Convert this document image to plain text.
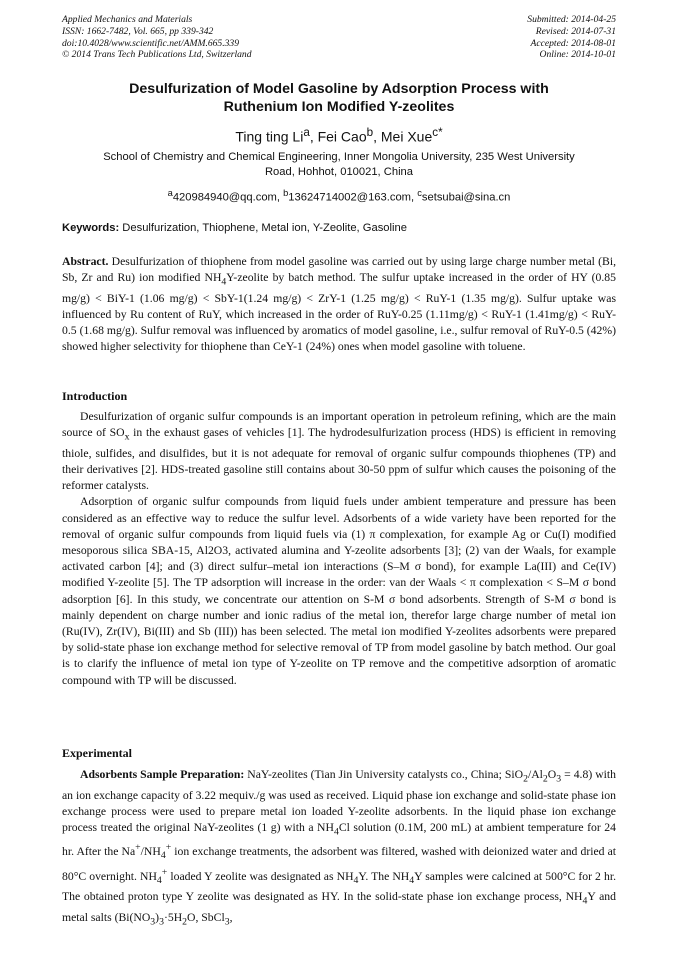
Applied Mechanics and Materials
ISSN: 1662-7482, Vol. 665, pp 339-342
doi:10.4028/www.scientific.net/AMM.665.339
© 2014 Trans Tech Publications Ltd, Switzerland
Submitted: 2014-04-25
Revised: 2014-07-31
Accepted: 2014-08-01
Online: 2014-10-01
Desulfurization of Model Gasoline by Adsorption Process with
Ruthenium Ion Modified Y-zeolites
Ting ting Li$^a$, Fei Cao$^b$, Mei Xue$^{c*}$
School of Chemistry and Chemical Engineering, Inner Mongolia University, 235 West University
Road, Hohhot, 010021, China
$^a$420984940@qq.com, $^b$13624714002@163.com, $^c$setsubai@sina.cn
Keywords: Desulfurization, Thiophene, Metal ion, Y-Zeolite, Gasoline
Abstract. Desulfurization of thiophene from model gasoline was carried out by using large charge number metal (Bi, Sb, Zr and Ru) ion modified $NH_4Y$-zeolite by batch method. The sulfur uptake increased in the order of HY (0.85 mg/g) < BiY-1 (1.06 mg/g) < SbY-1(1.24 mg/g) < ZrY-1 (1.25 mg/g) < RuY-1 (1.35 mg/g). Sulfur uptake was influenced by Ru content of RuY, which increased in the order of RuY-0.25 (1.11mg/g) < RuY-1 (1.41mg/g) < RuY-0.5 (1.68 mg/g). Sulfur removal was influenced by aromatics of model gasoline, i.e., sulfur removal of RuY-0.5 (42%) showed higher selectivity for thiophene than CeY-1 (24%) ones when model gasoline with toluene.
Introduction

Desulfurization of organic sulfur compounds is an important operation in petroleum refining, which are the main source of $SO_x$ in the exhaust gases of vehicles [1]. The hydrodesulfurization process (HDS) is efficient in removing thiole, sulfides, and disulfides, but it is not adequate for removal of organic sulfur compounds thiophenes (TP) and their derivatives [2]. HDS-treated gasoline still contains about 30-50 ppm of sulfur which causes the poisoning of the reformer catalysts.

Adsorption of organic sulfur compounds from liquid fuels under ambient temperature and pressure has been considered as an effective way to reduce the sulfur level. Adsorbents of a wide variety have been reported for the removal of organic sulfur compounds from liquid fuels via (1) π complexation, for example Ag or Cu(I) modified mesoporous silica SBA-15, Al2O3, activated alumina and Y-zeolite adsorbents [3]; (2) van der Waals, for example activated carbon [4]; and (3) direct sulfur–metal ion interactions (S–M σ bond), for example La(III) and Ce(IV) modified Y-zeolite [5]. The TP adsorption will increase in the order: van der Waals < π complexation < S–M σ bond adsorption [6]. In this study, we concentrate our attention on S-M σ bond adsorbents. Strength of S-M σ bond is mainly dependent on charge number and ionic radius of the metal ion, therefor large charge number of metal ion (Ru(IV), Zr(IV), Bi(III) and Sb (III)) has been selected. The metal ion modified Y-zeolites adsorbents were prepared by solid-state phase ion exchange method for selective removal of TP from model gasoline by batch method. Our goal is to clarify the influence of metal ion type of Y-zeolite on TP remove and the competitive adsorption of aromatic compound with TP will be discussed.

Experimental

Adsorbents Sample Preparation: NaY-zeolites (Tian Jin University catalysts co., China; $SiO_2/Al_2O_3 = 4.8$) with an ion exchange capacity of 3.22 mequiv./g was used as received. Liquid phase ion exchange and solid-state phase ion exchange process were used to prepare metal ion loaded Y-zeolite adsorbents. In the liquid phase ion exchange process treated the original NaY-zeolites (1 g) with a $NH_4Cl$ solution (0.1M, 200 mL) at ambient temperature for 24 hr. After the $Na^+/NH_4^+$ ion exchange treatments, the adsorbent was filtered, washed with deionized water and dried at 80°C overnight. $NH_4^+$ loaded Y zeolite was designated as $NH_4Y$. The $NH_4Y$ samples were calcined at 500°C for 2 hr. The obtained proton type Y zeolite was designated as HY. In the solid-state phase ion exchange process, $NH_4Y$ and metal salts ($Bi(NO_3)_3\cdot 5H_2O$, SbCl$_3$,
